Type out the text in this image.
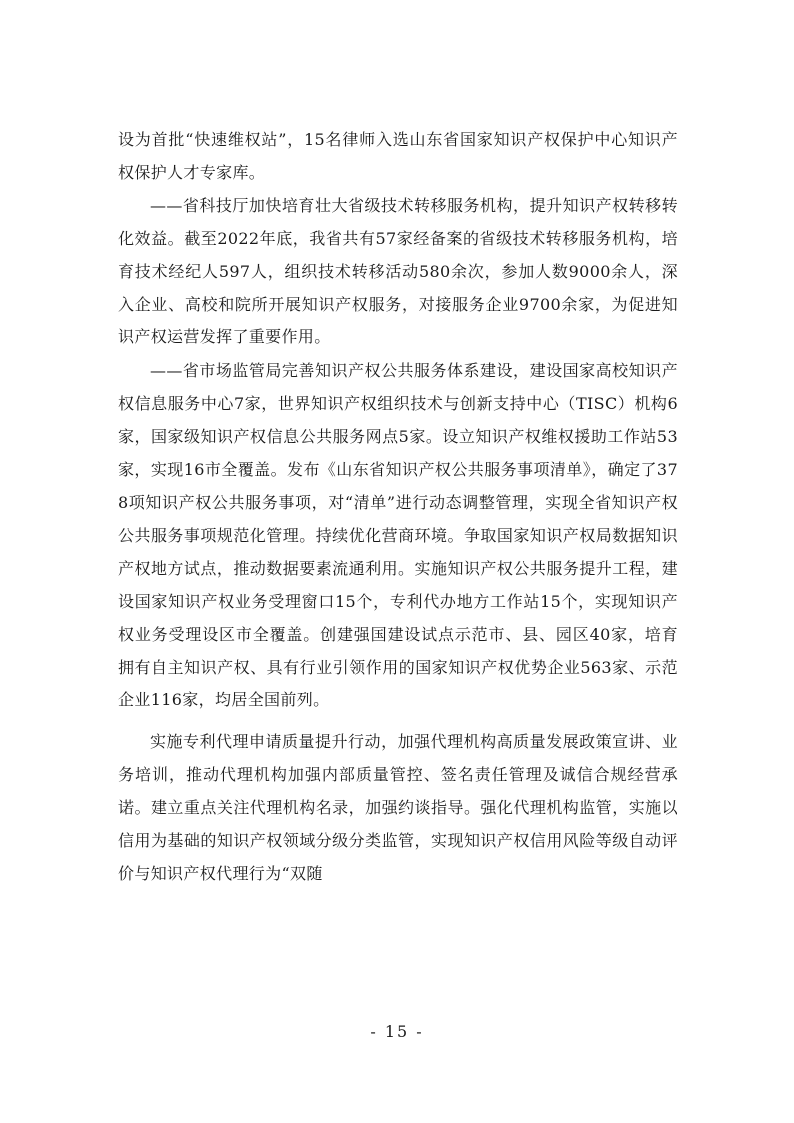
设为首批“快速维权站”，15名律师入选山东省国家知识产权保护中心知识产权保护人才专家库。

——省科技厅加快培育壮大省级技术转移服务机构，提升知识产权转移转化效益。截至2022年底，我省共有57家经备案的省级技术转移服务机构，培育技术经纪人597人，组织技术转移活动580余次，参加人数9000余人，深入企业、高校和院所开展知识产权服务，对接服务企业9700余家，为促进知识产权运营发挥了重要作用。

——省市场监管局完善知识产权公共服务体系建设，建设国家高校知识产权信息服务中心7家，世界知识产权组织技术与创新支持中心（TISC）机构6家，国家级知识产权信息公共服务网点5家。设立知识产权维权援助工作站53家，实现16市全覆盖。发布《山东省知识产权公共服务事项清单》，确定了378项知识产权公共服务事项，对“清单”进行动态调整管理，实现全省知识产权公共服务事项规范化管理。持续优化营商环境。争取国家知识产权局数据知识产权地方试点，推动数据要素流通利用。实施知识产权公共服务提升工程，建设国家知识产权业务受理窗口15个，专利代办地方工作站15个，实现知识产权业务受理设区市全覆盖。创建强国建设试点示范市、县、园区40家，培育拥有自主知识产权、具有行业引领作用的国家知识产权优势企业563家、示范企业116家，均居全国前列。

实施专利代理申请质量提升行动，加强代理机构高质量发展政策宣讲、业务培训，推动代理机构加强内部质量管控、签名责任管理及诚信合规经营承诺。建立重点关注代理机构名录，加强约谈指导。强化代理机构监管，实施以信用为基础的知识产权领域分级分类监管，实现知识产权信用风险等级自动评价与知识产权代理行为“双随

- 15 -
